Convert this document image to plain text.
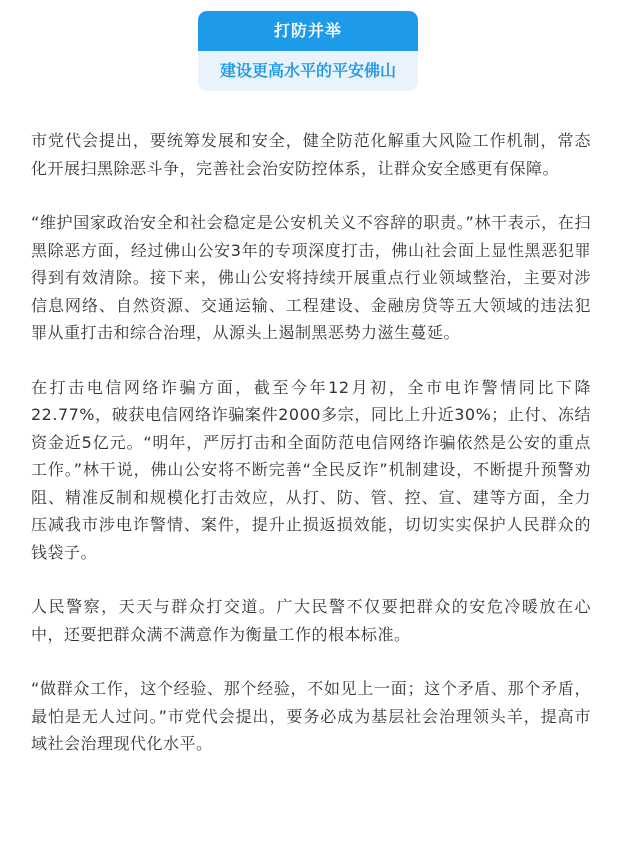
打防并举
建设更高水平的平安佛山

市党代会提出，要统筹发展和安全，健全防范化解重大风险工作机制，常态化开展扫黑除恶斗争，完善社会治安防控体系，让群众安全感更有保障。

“维护国家政治安全和社会稳定是公安机关义不容辞的职责。”林干表示，在扫黑除恶方面，经过佛山公安3年的专项深度打击，佛山社会面上显性黑恶犯罪得到有效清除。接下来，佛山公安将持续开展重点行业领域整治，主要对涉信息网络、自然资源、交通运输、工程建设、金融房贷等五大领域的违法犯罪从重打击和综合治理，从源头上遏制黑恶势力滋生蔓延。

在打击电信网络诈骗方面，截至今年12月初，全市电诈警情同比下降22.77%，破获电信网络诈骗案件2000多宗，同比上升近30%；止付、冻结资金近5亿元。“明年，严厉打击和全面防范电信网络诈骗依然是公安的重点工作。”林干说，佛山公安将不断完善“全民反诈”机制建设，不断提升预警劝阻、精准反制和规模化打击效应，从打、防、管、控、宣、建等方面，全力压减我市涉电诈警情、案件，提升止损返损效能，切切实实保护人民群众的钱袋子。

人民警察，天天与群众打交道。广大民警不仅要把群众的安危冷暖放在心中，还要把群众满不满意作为衡量工作的根本标准。

“做群众工作，这个经验、那个经验，不如见上一面；这个矛盾、那个矛盾，最怕是无人过问。”市党代会提出，要务必成为基层社会治理领头羊，提高市域社会治理现代化水平。
